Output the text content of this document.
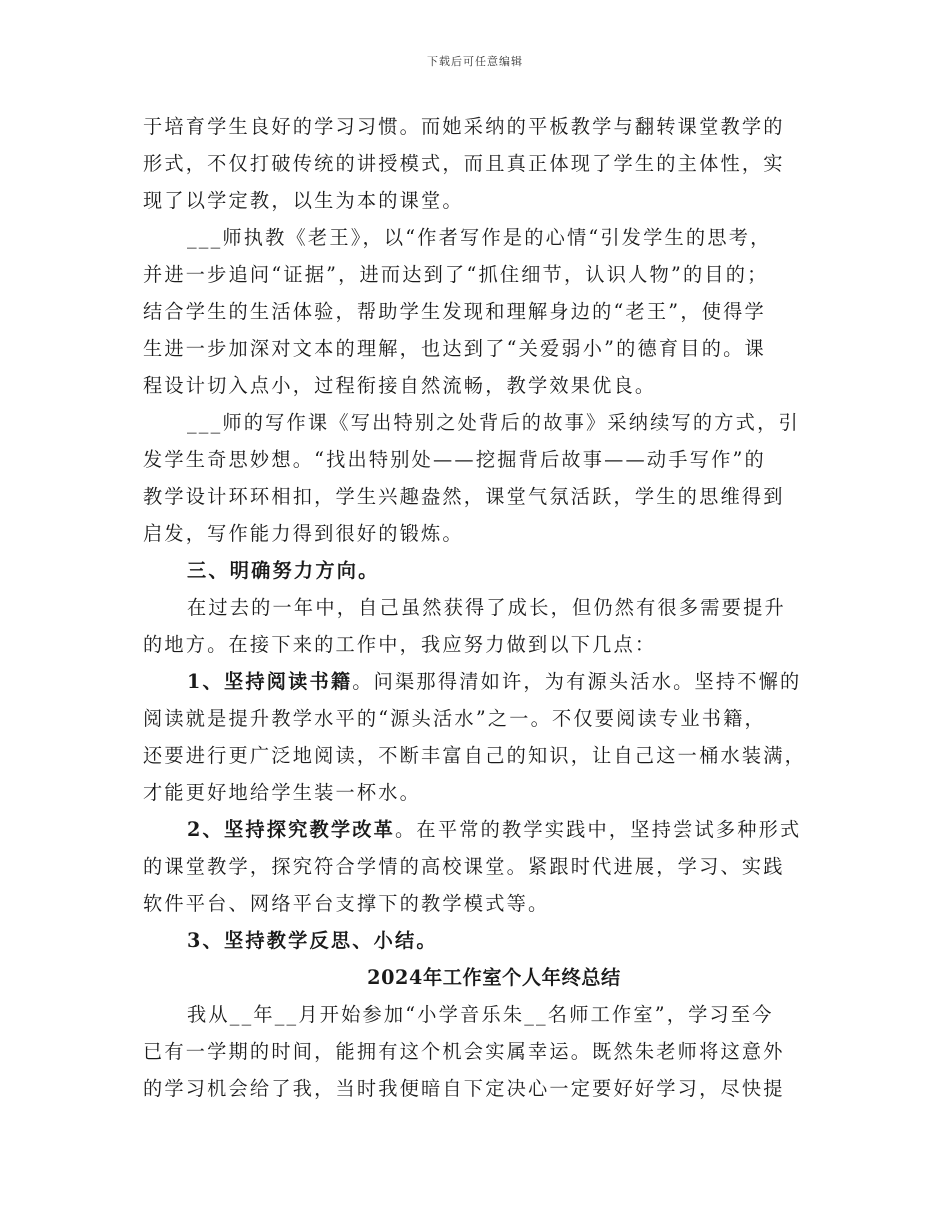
下载后可任意编辑
于培育学生良好的学习习惯。而她采纳的平板教学与翻转课堂教学的
形式，不仅打破传统的讲授模式，而且真正体现了学生的主体性，实
现了以学定教，以生为本的课堂。
___师执教《老王》，以“作者写作是的心情“引发学生的思考，
并进一步追问“证据”，进而达到了“抓住细节，认识人物”的目的；
结合学生的生活体验，帮助学生发现和理解身边的“老王”，使得学
生进一步加深对文本的理解，也达到了“关爱弱小”的德育目的。课
程设计切入点小，过程衔接自然流畅，教学效果优良。
___师的写作课《写出特别之处背后的故事》采纳续写的方式，引
发学生奇思妙想。“找出特别处——挖掘背后故事——动手写作”的
教学设计环环相扣，学生兴趣盎然，课堂气氛活跃，学生的思维得到
启发，写作能力得到很好的锻炼。
三、明确努力方向。
在过去的一年中，自己虽然获得了成长，但仍然有很多需要提升
的地方。在接下来的工作中，我应努力做到以下几点：
1、坚持阅读书籍。问渠那得清如许，为有源头活水。坚持不懈的
阅读就是提升教学水平的“源头活水”之一。不仅要阅读专业书籍，
还要进行更广泛地阅读，不断丰富自己的知识，让自己这一桶水装满，
才能更好地给学生装一杯水。
2、坚持探究教学改革。在平常的教学实践中，坚持尝试多种形式
的课堂教学，探究符合学情的高校课堂。紧跟时代进展，学习、实践
软件平台、网络平台支撑下的教学模式等。
3、坚持教学反思、小结。
2024年工作室个人年终总结
我从__年__月开始参加“小学音乐朱__名师工作室”，学习至今
已有一学期的时间，能拥有这个机会实属幸运。既然朱老师将这意外
的学习机会给了我，当时我便暗自下定决心一定要好好学习，尽快提
